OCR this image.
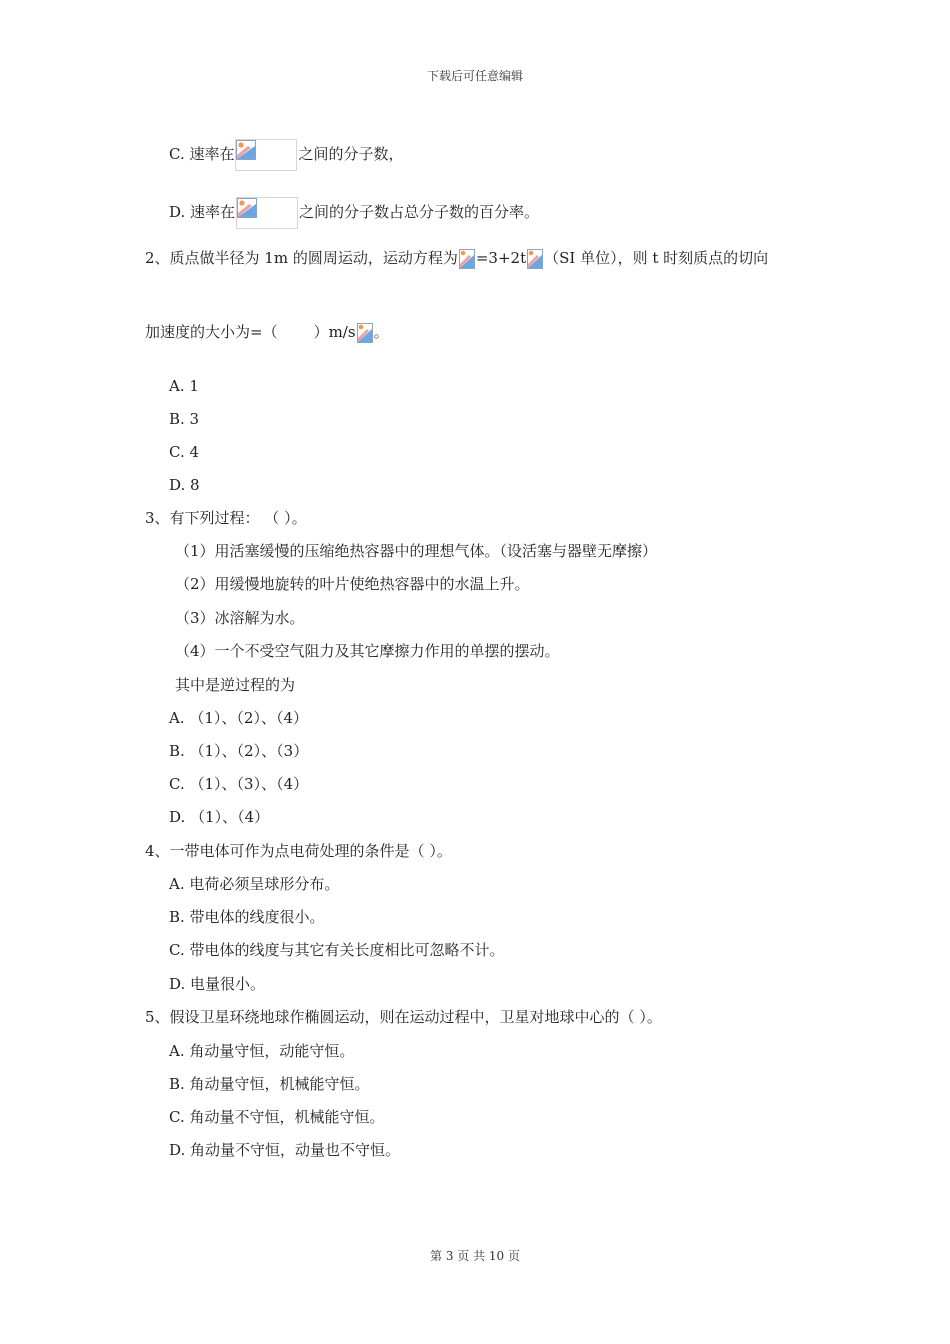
下载后可任意编辑
C. 速率在	之间的分子数，
D. 速率在	之间的分子数占总分子数的百分率。
2、质点做半径为 1m 的圆周运动，运动方程为 =3+2t （SI 单位），则 t 时刻质点的切向
加速度的大小为=（ ）m/s 。
A. 1
B. 3
C. 4
D. 8
3、有下列过程： （ ）。
（1）用活塞缓慢的压缩绝热容器中的理想气体。（设活塞与器壁无摩擦）
（2）用缓慢地旋转的叶片使绝热容器中的水温上升。
（3）冰溶解为水。
（4）一个不受空气阻力及其它摩擦力作用的单摆的摆动。
其中是逆过程的为
A. （1）、（2）、（4）
B. （1）、（2）、（3）
C. （1）、（3）、（4）
D. （1）、（4）
4、一带电体可作为点电荷处理的条件是（ ）。
A. 电荷必须呈球形分布。
B. 带电体的线度很小。
C. 带电体的线度与其它有关长度相比可忽略不计。
D. 电量很小。
5、假设卫星环绕地球作椭圆运动，则在运动过程中，卫星对地球中心的（ ）。
A. 角动量守恒，动能守恒。
B. 角动量守恒，机械能守恒。
C. 角动量不守恒，机械能守恒。
D. 角动量不守恒，动量也不守恒。
第 3 页 共 10 页
